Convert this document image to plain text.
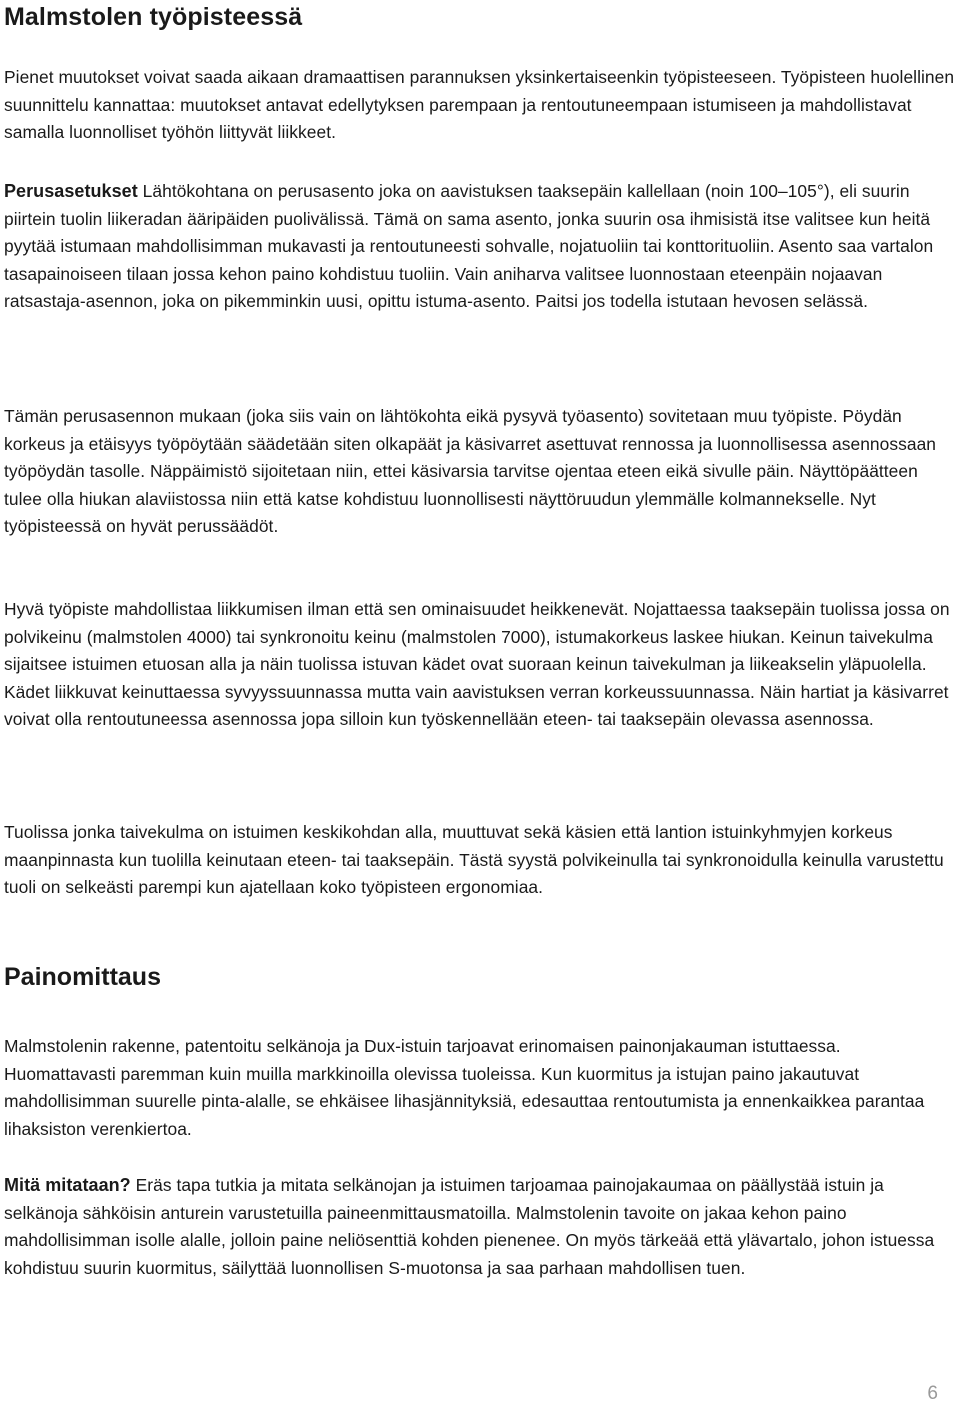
Malmstolen työpisteessä

Pienet muutokset voivat saada aikaan dramaattisen parannuksen yksinkertaiseenkin työpisteeseen. Työpisteen huolellinen suunnittelu kannattaa: muutokset antavat edellytyksen parempaan ja rentoutuneempaan istumiseen ja mahdollistavat samalla luonnolliset työhön liittyvät liikkeet.

Perusasetukset Lähtökohtana on perusasento joka on aavistuksen taaksepäin kallellaan (noin 100–105°), eli suurin piirtein tuolin liikeradan ääripäiden puolivälissä. Tämä on sama asento, jonka suurin osa ihmisistä itse valitsee kun heitä pyytää istumaan mahdollisimman mukavasti ja rentoutuneesti sohvalle, nojatuoliin tai konttorituoliin. Asento saa vartalon tasapainoiseen tilaan jossa kehon paino kohdistuu tuoliin. Vain aniharva valitsee luonnostaan eteenpäin nojaavan ratsastaja-asennon, joka on pikemminkin uusi, opittu istuma-asento. Paitsi jos todella istutaan hevosen selässä.

Tämän perusasennon mukaan (joka siis vain on lähtökohta eikä pysyvä työasento) sovitetaan muu työpiste. Pöydän korkeus ja etäisyys työpöytään säädetään siten olkapäät ja käsivarret asettuvat rennossa ja luonnollisessa asennossaan työpöydän tasolle. Näppäimistö sijoitetaan niin, ettei käsivarsia tarvitse ojentaa eteen eikä sivulle päin. Näyttöpäätteen tulee olla hiukan alaviistossa niin että katse kohdistuu luonnollisesti näyttöruudun ylemmälle kolmannekselle. Nyt työpisteessä on hyvät perussäädöt.

Hyvä työpiste mahdollistaa liikkumisen ilman että sen ominaisuudet heikkenevät. Nojattaessa taaksepäin tuolissa jossa on polvikeinu (malmstolen 4000) tai synkronoitu keinu (malmstolen 7000), istumakorkeus laskee hiukan. Keinun taivekulma sijaitsee istuimen etuosan alla ja näin tuolissa istuvan kädet ovat suoraan keinun taivekulman ja liikeakselin yläpuolella. Kädet liikkuvat keinuttaessa syvyyssuunnassa mutta vain aavistuksen verran korkeussuunnassa. Näin hartiat ja käsivarret voivat olla rentoutuneessa asennossa jopa silloin kun työskennellään eteen- tai taaksepäin olevassa asennossa.

Tuolissa jonka taivekulma on istuimen keskikohdan alla, muuttuvat sekä käsien että lantion istuinkyhmyjen korkeus maanpinnasta kun tuolilla keinutaan eteen- tai taaksepäin. Tästä syystä polvikeinulla tai synkronoidulla keinulla varustettu tuoli on selkeästi parempi kun ajatellaan koko työpisteen ergonomiaa.

Painomittaus

Malmstolenin rakenne, patentoitu selkänoja ja Dux-istuin tarjoavat erinomaisen painonjakauman istuttaessa. Huomattavasti paremman kuin muilla markkinoilla olevissa tuoleissa. Kun kuormitus ja istujan paino jakautuvat mahdollisimman suurelle pinta-alalle, se ehkäisee lihasjännityksiä, edesauttaa rentoutumista ja ennenkaikkea parantaa lihaksiston verenkiertoa.

Mitä mitataan? Eräs tapa tutkia ja mitata selkänojan ja istuimen tarjoamaa painojakaumaa on päällystää istuin ja selkänoja sähköisin anturein varustetuilla paineenmittausmatoilla. Malmstolenin tavoite on jakaa kehon paino mahdollisimman isolle alalle, jolloin paine neliösenttiä kohden pienenee. On myös tärkeää että ylävartalo, johon istuessa kohdistuu suurin kuormitus, säilyttää luonnollisen S-muotonsa ja saa parhaan mahdollisen tuen.

6
